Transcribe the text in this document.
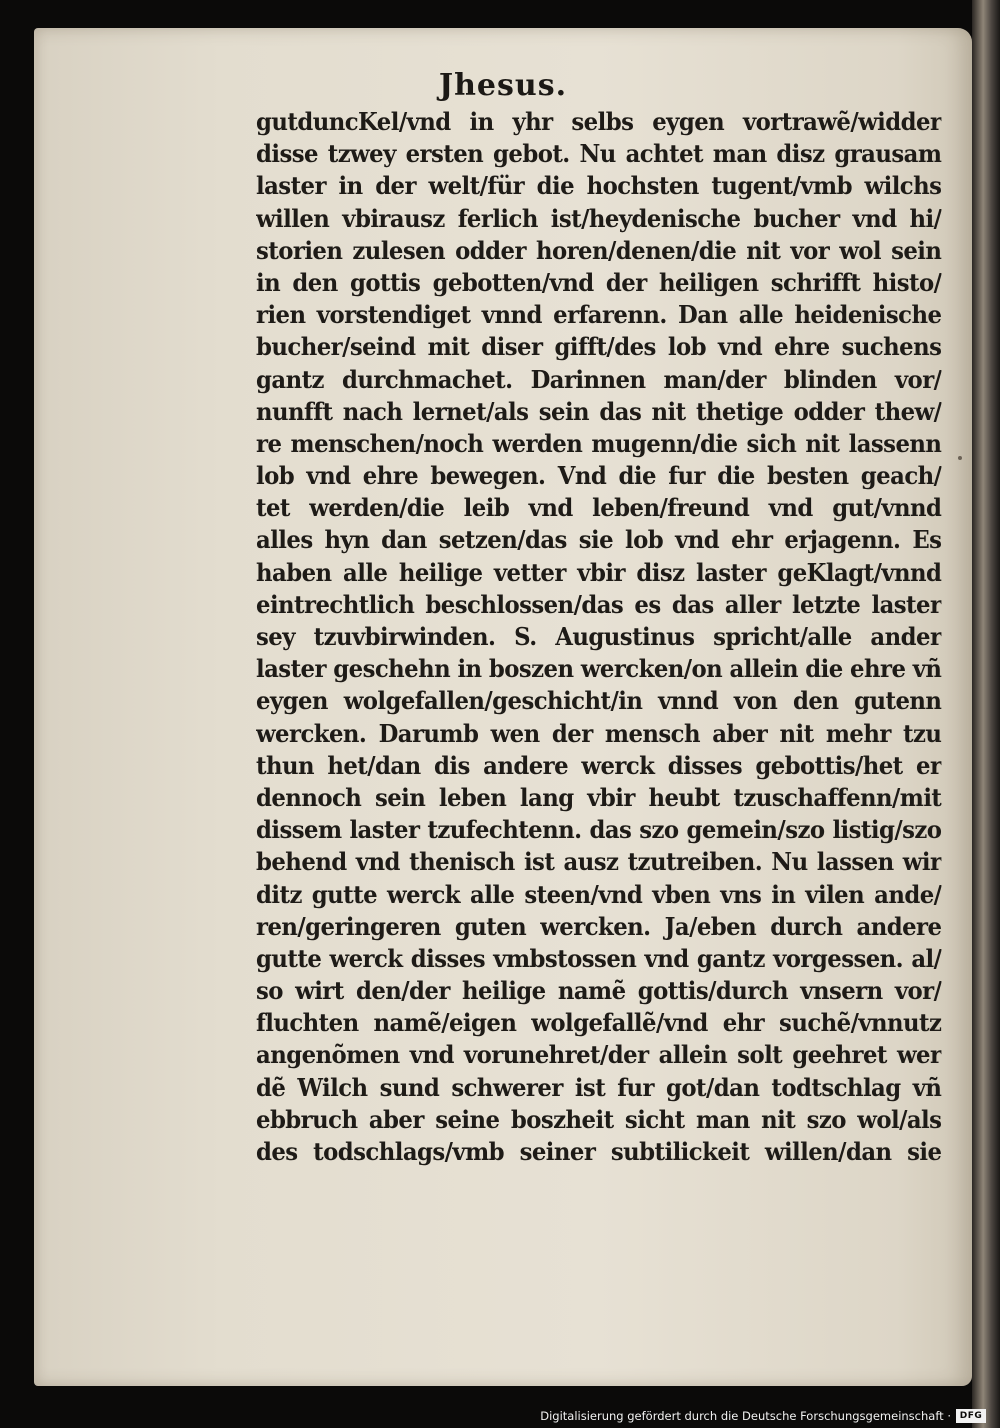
Jhesus.
gutduncKel/vnd in yhr selbs eygen vortrawẽ/widder
disse tzwey ersten gebot. Nu achtet man disz grausam
laster in der welt/für die hochsten tugent/vmb wilchs
willen vbirausz ferlich ist/heydenische bucher vnd hi/
storien zulesen odder horen/denen/die nit vor wol sein
in den gottis gebotten/vnd der heiligen schrifft histo/
rien vorstendiget vnnd erfarenn. Dan alle heidenische
bucher/seind mit diser gifft/des lob vnd ehre suchens
gantz durchmachet. Darinnen man/der blinden vor/
nunfft nach lernet/als sein das nit thetige odder thew/
re menschen/noch werden mugenn/die sich nit lassenn
lob vnd ehre bewegen. Vnd die fur die besten geach/
tet werden/die leib vnd leben/freund vnd gut/vnnd
alles hyn dan setzen/das sie lob vnd ehr erjagenn. Es
haben alle heilige vetter vbir disz laster geKlagt/vnnd
eintrechtlich beschlossen/das es das aller letzte laster
sey tzuvbirwinden. S. Augustinus spricht/alle ander
laster geschehn in boszen wercken/on allein die ehre vñ
eygen wolgefallen/geschicht/in vnnd von den gutenn
wercken. Darumb wen der mensch aber nit mehr tzu
thun het/dan dis andere werck disses gebottis/het er
dennoch sein leben lang vbir heubt tzuschaffenn/mit
dissem laster tzufechtenn. das szo gemein/szo listig/szo
behend vnd thenisch ist ausz tzutreiben. Nu lassen wir
ditz gutte werck alle steen/vnd vben vns in vilen ande/
ren/geringeren guten wercken. Ja/eben durch andere
gutte werck disses vmbstossen vnd gantz vorgessen. al/
so wirt den/der heilige namẽ gottis/durch vnsern vor/
fluchten namẽ/eigen wolgefallẽ/vnd ehr suchẽ/vnnutz
angenõmen vnd vorunehret/der allein solt geehret wer
dẽ Wilch sund schwerer ist fur got/dan todtschlag vñ
ebbruch aber seine boszheit sicht man nit szo wol/als
des todschlags/vmb seiner subtilickeit willen/dan sie
Digitalisierung gefördert durch die Deutsche Forschungsgemeinschaft · DFG
